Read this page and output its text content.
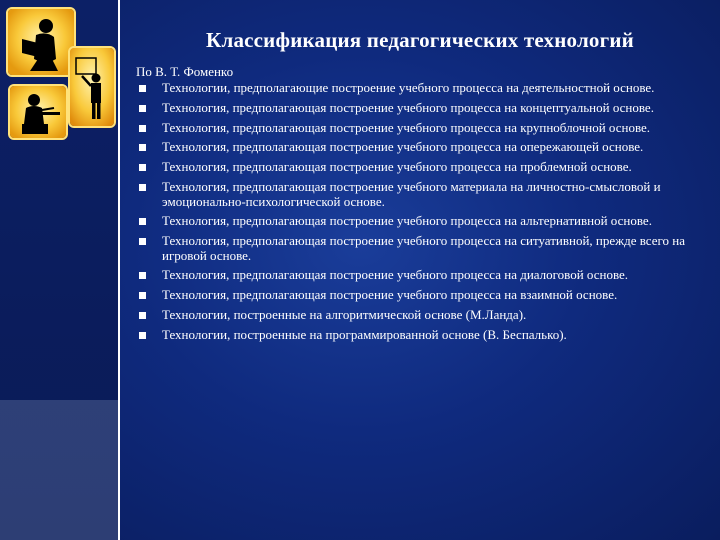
Классификация педагогических технологий
По В. Т. Фоменко
Технологии, предполагающие построение учебного процесса на деятельностной основе.
Технология, предполагающая построение учебного процесса на концептуальной основе.
Технология, предполагающая построение учебного процесса на крупноблочной основе.
Технология, предполагающая построение учебного процесса на опережающей основе.
Технология, предполагающая построение учебного процесса на проблемной основе.
Технология, предполагающая построение учебного материала на личностно-смысловой и эмоционально-психологической основе.
Технология, предполагающая построение учебного процесса на альтернативной основе.
Технология, предполагающая построение учебного процесса на ситуативной, прежде всего на игровой основе.
Технология, предполагающая построение учебного процесса на диалоговой основе.
Технология, предполагающая построение учебного процесса на взаимной основе.
Технологии, построенные на алгоритмической основе (М.Ланда).
Технологии, построенные на программированной основе (В. Беспалько).
